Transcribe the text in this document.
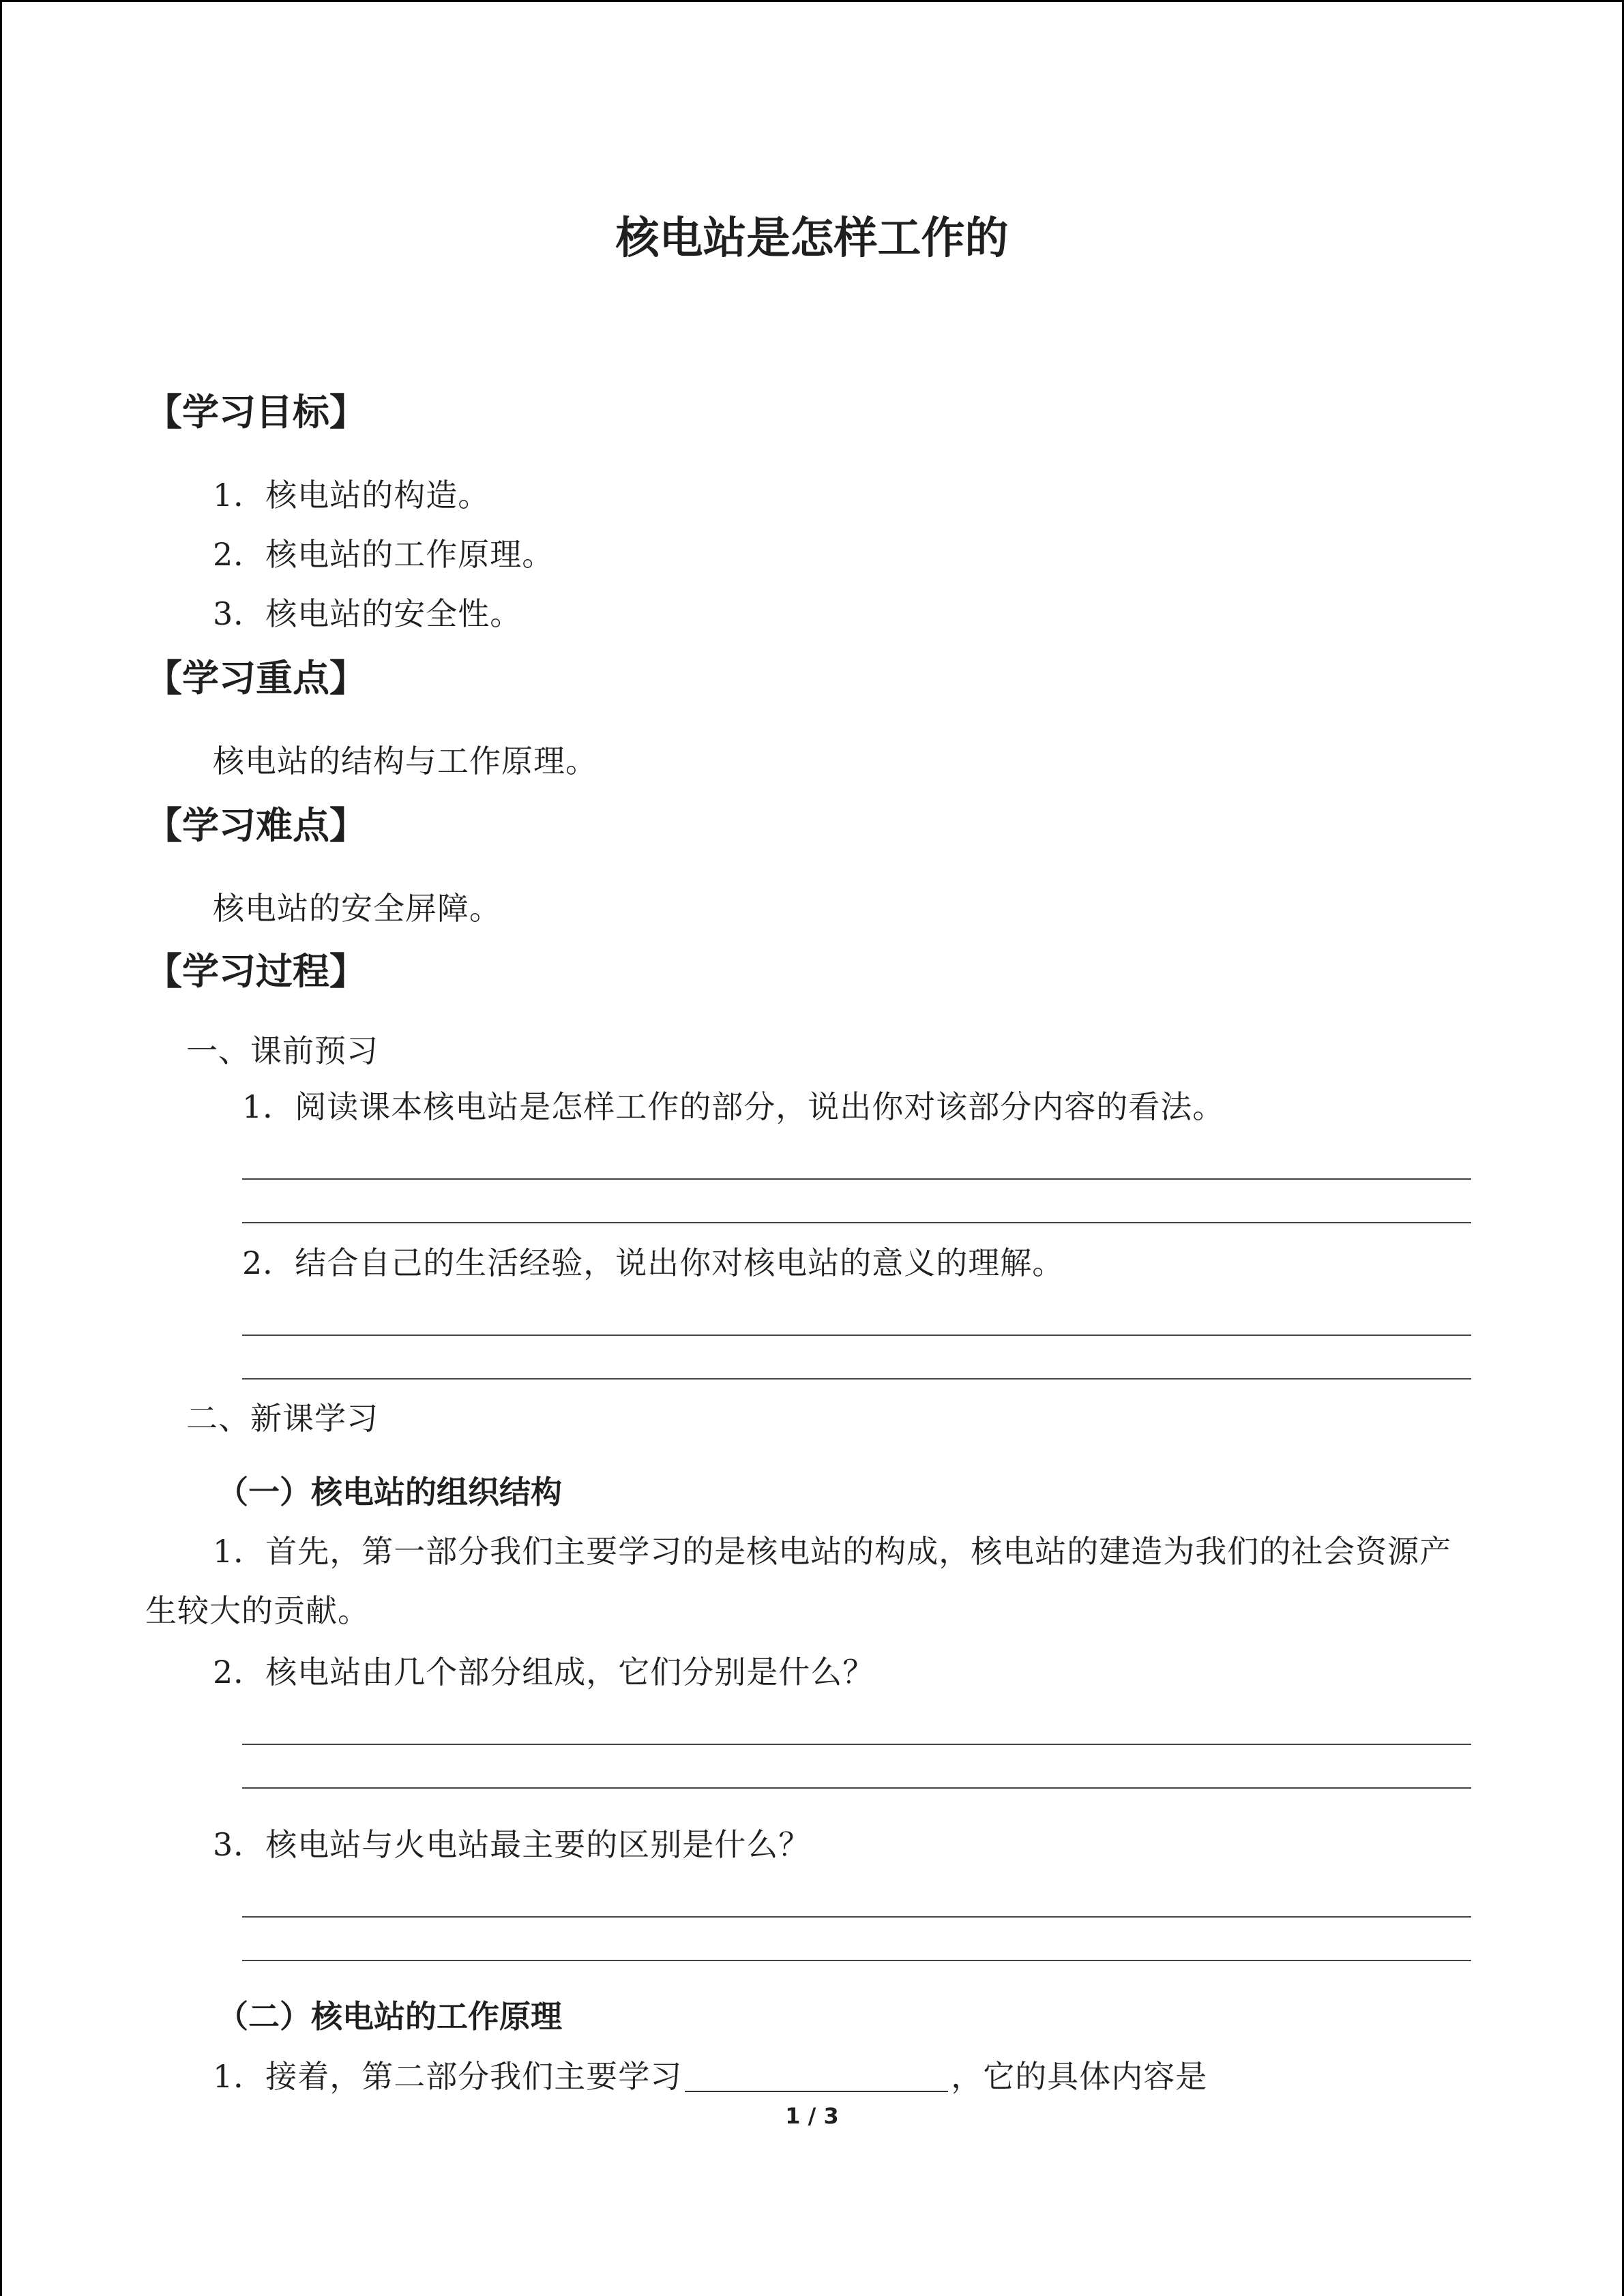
核电站是怎样工作的
【学习目标】
1．核电站的构造。
2．核电站的工作原理。
3．核电站的安全性。
【学习重点】
核电站的结构与工作原理。
【学习难点】
核电站的安全屏障。
【学习过程】
一、课前预习
1．阅读课本核电站是怎样工作的部分，说出你对该部分内容的看法。
2．结合自己的生活经验，说出你对核电站的意义的理解。
二、新课学习
（一）核电站的组织结构
1．首先，第一部分我们主要学习的是核电站的构成，核电站的建造为我们的社会资源产
生较大的贡献。
2．核电站由几个部分组成，它们分别是什么？
3．核电站与火电站最主要的区别是什么？
（二）核电站的工作原理
1．接着，第二部分我们主要学习	，它的具体内容是
1 / 3
